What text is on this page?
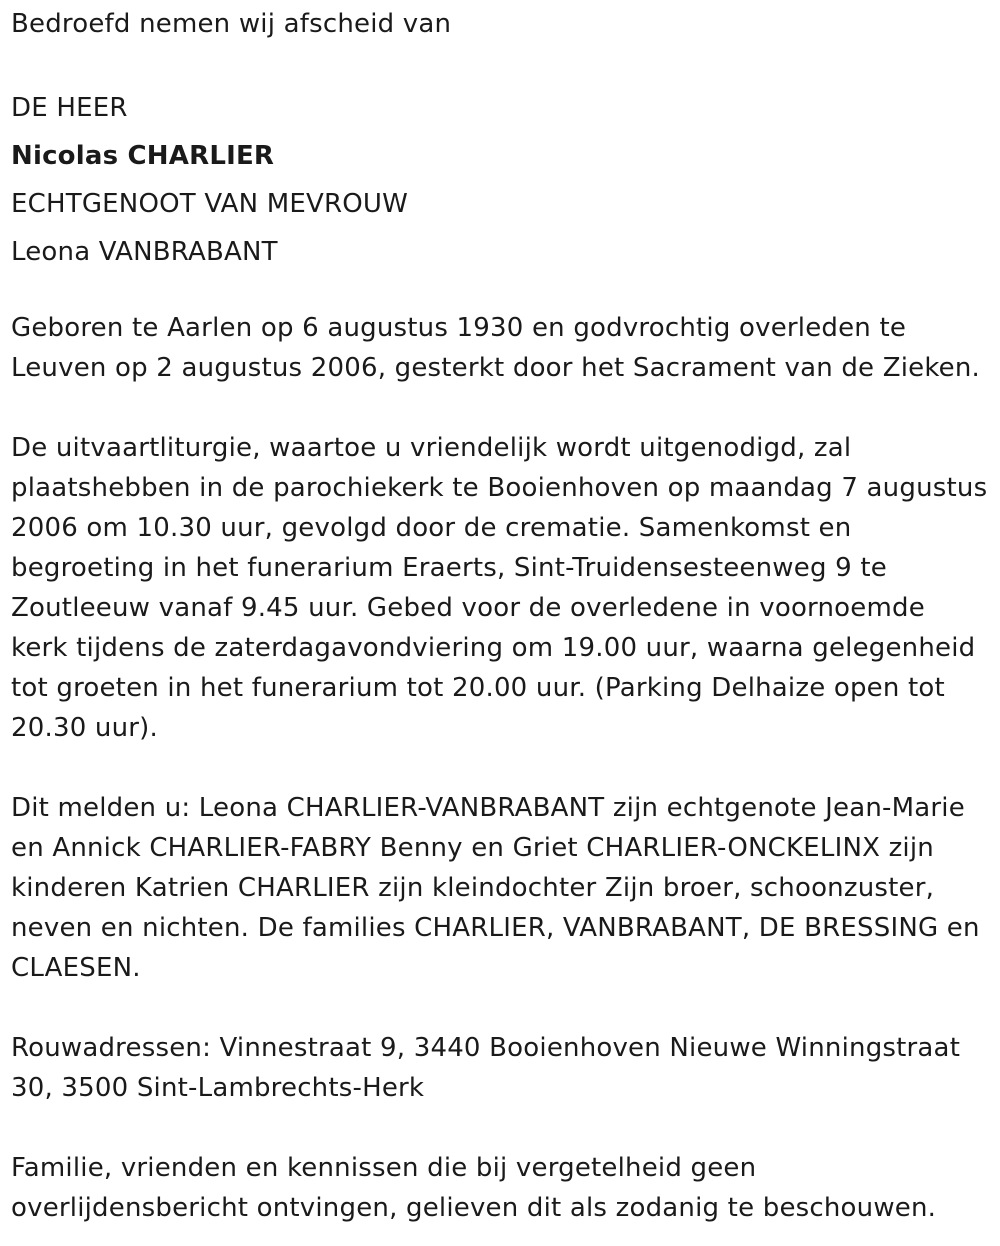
Bedroefd nemen wij afscheid van

DE HEER

Nicolas CHARLIER

ECHTGENOOT VAN MEVROUW

Leona VANBRABANT

Geboren te Aarlen op 6 augustus 1930 en godvrochtig overleden te Leuven op 2 augustus 2006, gesterkt door het Sacrament van de Zieken.

De uitvaartliturgie, waartoe u vriendelijk wordt uitgenodigd, zal plaatshebben in de parochiekerk te Booienhoven op maandag 7 augustus 2006 om 10.30 uur, gevolgd door de crematie. Samenkomst en begroeting in het funerarium Eraerts, Sint-Truidensesteenweg 9 te Zoutleeuw vanaf 9.45 uur. Gebed voor de overledene in voornoemde kerk tijdens de zaterdagavondviering om 19.00 uur, waarna gelegenheid tot groeten in het funerarium tot 20.00 uur. (Parking Delhaize open tot 20.30 uur).

Dit melden u: Leona CHARLIER-VANBRABANT zijn echtgenote Jean-Marie en Annick CHARLIER-FABRY Benny en Griet CHARLIER-ONCKELINX zijn kinderen Katrien CHARLIER zijn kleindochter Zijn broer, schoonzuster, neven en nichten. De families CHARLIER, VANBRABANT, DE BRESSING en CLAESEN.

Rouwadressen: Vinnestraat 9, 3440 Booienhoven Nieuwe Winningstraat 30, 3500 Sint-Lambrechts-Herk

Familie, vrienden en kennissen die bij vergetelheid geen overlijdensbericht ontvingen, gelieven dit als zodanig te beschouwen.
